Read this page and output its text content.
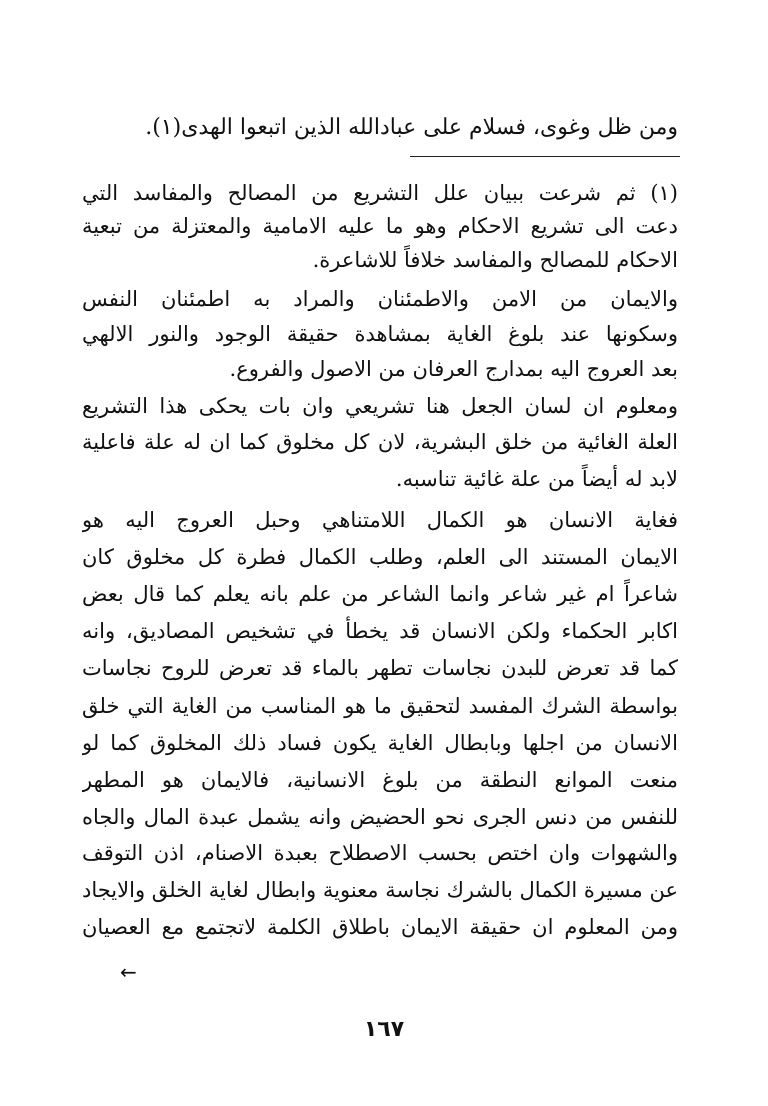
ومن ظل وغوى، فسلام على عبادالله الذين اتبعوا الهدى(١).
(١) ثم شرعت ببيان علل التشريع من المصالح والمفاسد التي
دعت الى تشريع الاحكام وهو ما عليه الامامية والمعتزلة من تبعية
الاحكام للمصالح والمفاسد خلافاً للاشاعرة.
والايمان من الامن والاطمئنان والمراد به اطمئنان النفس
وسكونها عند بلوغ الغاية بمشاهدة حقيقة الوجود والنور الالهي
بعد العروج اليه بمدارج العرفان من الاصول والفروع.
ومعلوم ان لسان الجعل هنا تشريعي وان بات يحكى هذا التشريع
العلة الغائية من خلق البشرية، لان كل مخلوق كما ان له علة فاعلية
لابد له أيضاً من علة غائية تناسبه.
فغاية الانسان هو الكمال اللامتناهي وحبل العروج اليه هو
الايمان المستند الى العلم، وطلب الكمال فطرة كل مخلوق كان
شاعراً ام غير شاعر وانما الشاعر من علم بانه يعلم كما قال بعض
اكابر الحكماء ولكن الانسان قد يخطأ في تشخيص المصاديق، وانه
كما قد تعرض للبدن نجاسات تطهر بالماء قد تعرض للروح نجاسات
بواسطة الشرك المفسد لتحقيق ما هو المناسب من الغاية التي خلق
الانسان من اجلها وبابطال الغاية يكون فساد ذلك المخلوق كما لو
منعت الموانع النطقة من بلوغ الانسانية، فالايمان هو المطهر
للنفس من دنس الجرى نحو الحضيض وانه يشمل عبدة المال والجاه
والشهوات وان اختص بحسب الاصطلاح بعبدة الاصنام، اذن التوقف
عن مسيرة الكمال بالشرك نجاسة معنوية وابطال لغاية الخلق والايجاد
ومن المعلوم ان حقيقة الايمان باطلاق الكلمة لاتجتمع مع العصيان
←
١٦٧
